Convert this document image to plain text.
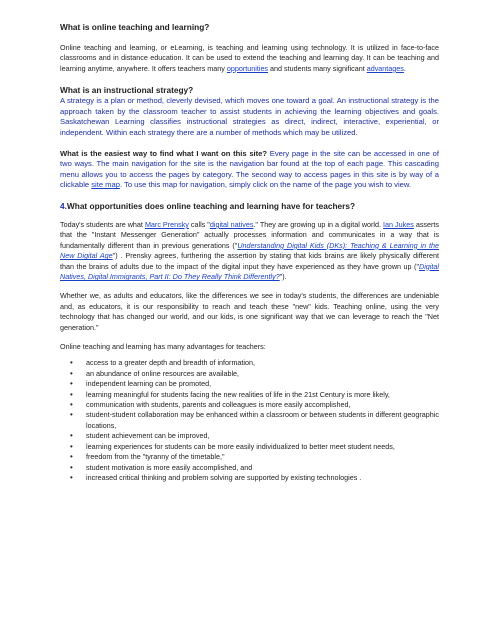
What is online teaching and learning?

Online teaching and learning, or eLearning, is teaching and learning using technology. It is utilized in face-to-face classrooms and in distance education. It can be used to extend the teaching and learning day. It can be teaching and learning anytime, anywhere. It offers teachers many opportunities and students many significant advantages.

What is an instructional strategy?

A strategy is a plan or method, cleverly devised, which moves one toward a goal. An instructional strategy is the approach taken by the classroom teacher to assist students in achieving the learning objectives and goals. Saskatchewan Learning classifies instructional strategies as direct, indirect, interactive, experiential, or independent. Within each strategy there are a number of methods which may be utilized.

What is the easiest way to find what I want on this site? Every page in the site can be accessed in one of two ways. The main navigation for the site is the navigation bar found at the top of each page. This cascading menu allows you to access the pages by category. The second way to access pages in this site is by way of a clickable site map. To use this map for navigation, simply click on the name of the page you wish to view.

4.What opportunities does online teaching and learning have for teachers?

Today's students are what Marc Prensky calls "digital natives." They are growing up in a digital world. Ian Jukes asserts that the "Instant Messenger Generation" actually processes information and communicates in a way that is fundamentally different than in previous generations ("Understanding Digital Kids (DKs): Teaching & Learning in the New Digital Age") . Prensky agrees, furthering the assertion by stating that kids brains are likely physically different than the brains of adults due to the impact of the digital input they have experienced as they have grown up ("Digital Natives, Digital Immigrants, Part II: Do They Really Think Differently?").

Whether we, as adults and educators, like the differences we see in today's students, the differences are undeniable and, as educators, it is our responsibility to reach and teach these "new" kids. Teaching online, using the very technology that has changed our world, and our kids, is one significant way that we can leverage to reach the "Net generation."

Online teaching and learning has many advantages for teachers:

• access to a greater depth and breadth of information,
• an abundance of online resources are available,
• independent learning can be promoted,
• learning meaningful for students facing the new realities of life in the 21st Century is more likely,
• communication with students, parents and colleagues is more easily accomplished,
• student-student collaboration may be enhanced within a classroom or between students in different geographic locations,
• student achievement can be improved,
• learning experiences for students can be more easily individualized to better meet student needs,
• freedom from the "tyranny of the timetable,"
• student motivation is more easily accomplished, and
• increased critical thinking and problem solving are supported by existing technologies .
